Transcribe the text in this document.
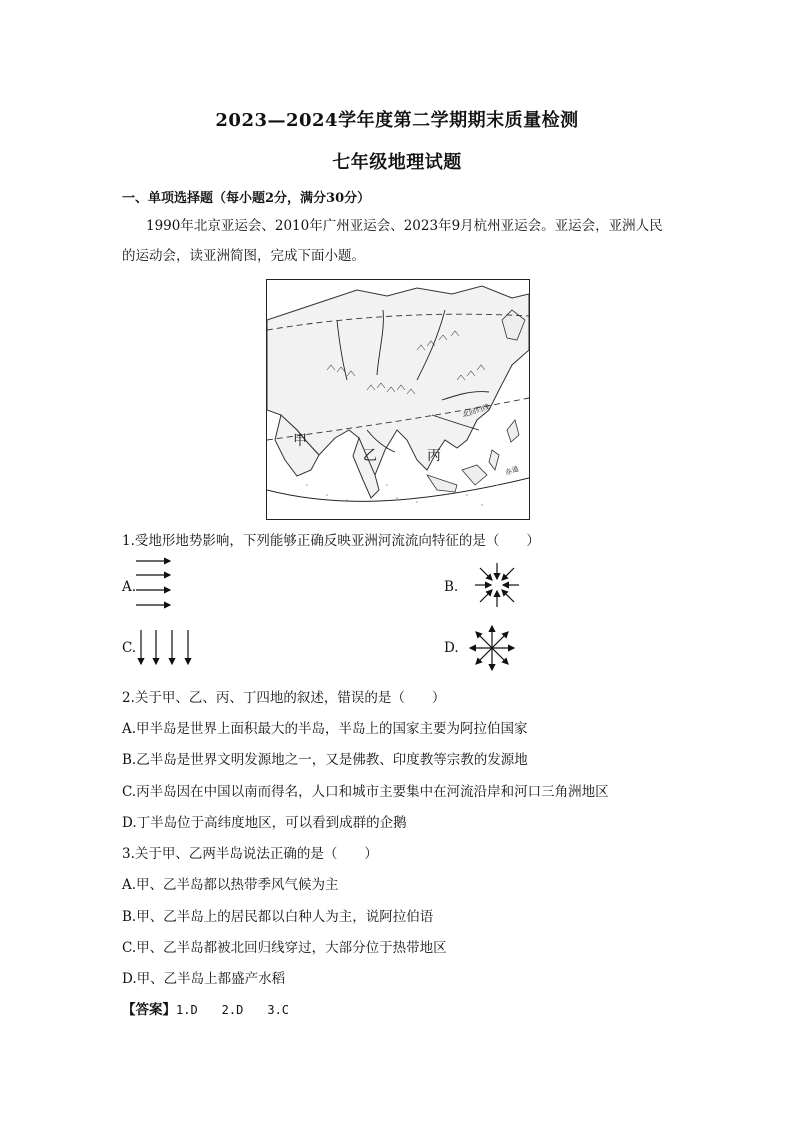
2023—2024学年度第二学期期末质量检测
七年级地理试题
一、单项选择题（每小题2分，满分30分）
1990年北京亚运会、2010年广州亚运会、2023年9月杭州亚运会。亚运会，亚洲人民
的运动会，读亚洲简图，完成下面小题。
甲
乙	丙
北回归线
赤道
1.受地形地势影响，下列能够正确反映亚洲河流流向特征的是（　　）
A.	B.
C.	D.
2.关于甲、乙、丙、丁四地的叙述，错误的是（　　）
A.甲半岛是世界上面积最大的半岛，半岛上的国家主要为阿拉伯国家
B.乙半岛是世界文明发源地之一，又是佛教、印度教等宗教的发源地
C.丙半岛因在中国以南而得名，人口和城市主要集中在河流沿岸和河口三角洲地区
D.丁半岛位于高纬度地区，可以看到成群的企鹅
3.关于甲、乙两半岛说法正确的是（　　）
A.甲、乙半岛都以热带季风气候为主
B.甲、乙半岛上的居民都以白种人为主，说阿拉伯语
C.甲、乙半岛都被北回归线穿过，大部分位于热带地区
D.甲、乙半岛上都盛产水稻
【答案】1.D　　2.D　　3.C
